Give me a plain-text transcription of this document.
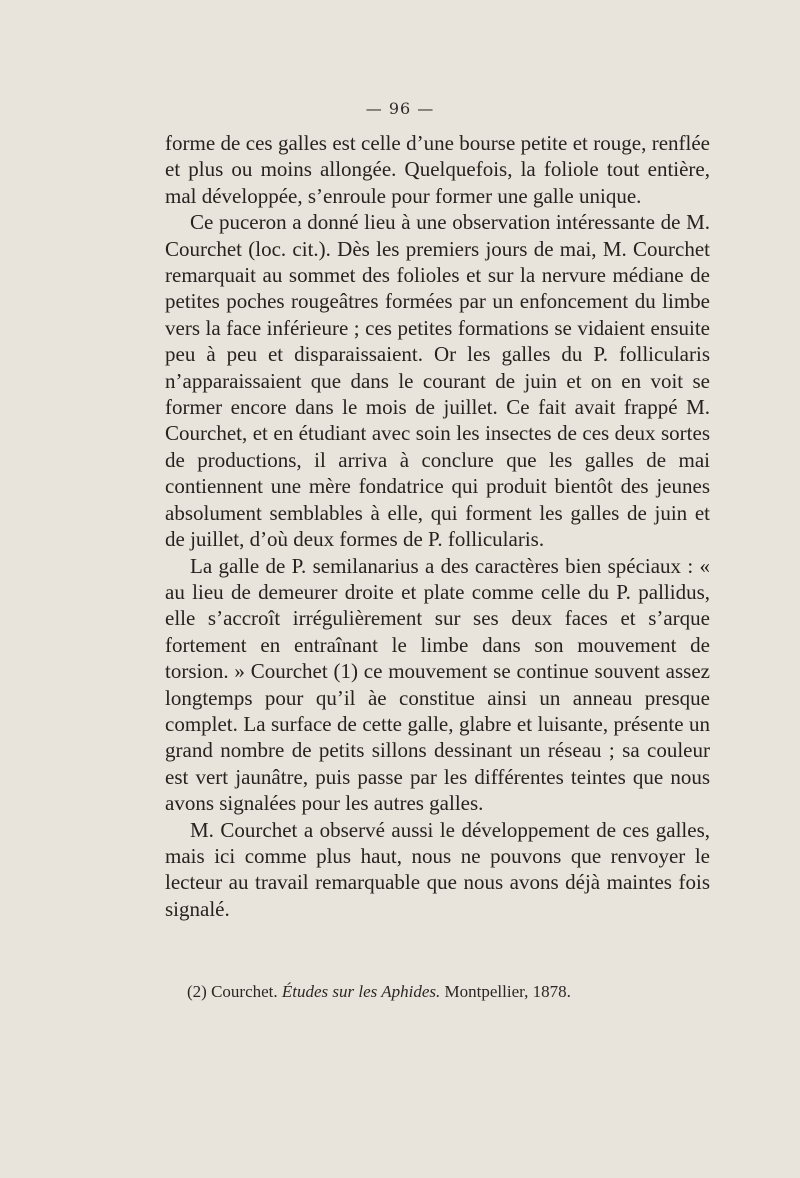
— 96 —

forme de ces galles est celle d’une bourse petite et rouge, renflée et plus ou moins allongée. Quelquefois, la foliole tout entière, mal développée, s’enroule pour former une galle unique.

Ce puceron a donné lieu à une observation intéressante de M. Courchet (loc. cit.). Dès les premiers jours de mai, M. Courchet remarquait au sommet des folioles et sur la nervure médiane de petites poches rougeâtres formées par un enfoncement du limbe vers la face inférieure ; ces petites formations se vidaient ensuite peu à peu et disparaissaient. Or les galles du P. follicularis n’apparaissaient que dans le courant de juin et on en voit se former encore dans le mois de juillet. Ce fait avait frappé M. Courchet, et en étudiant avec soin les insectes de ces deux sortes de productions, il arriva à conclure que les galles de mai contiennent une mère fondatrice qui produit bientôt des jeunes absolument semblables à elle, qui forment les galles de juin et de juillet, d’où deux formes de P. follicularis.

La galle de P. semilanarius a des caractères bien spéciaux : « au lieu de demeurer droite et plate comme celle du P. pallidus, elle s’accroît irrégulièrement sur ses deux faces et s’arque fortement en entraînant le limbe dans son mouvement de torsion. » Courchet (1) ce mouvement se continue souvent assez longtemps pour qu’il àe constitue ainsi un anneau presque complet. La surface de cette galle, glabre et luisante, présente un grand nombre de petits sillons dessinant un réseau ; sa couleur est vert jaunâtre, puis passe par les différentes teintes que nous avons signalées pour les autres galles.

M. Courchet a observé aussi le développement de ces galles, mais ici comme plus haut, nous ne pouvons que renvoyer le lecteur au travail remarquable que nous avons déjà maintes fois signalé.

(2) Courchet. Études sur les Aphides. Montpellier, 1878.
